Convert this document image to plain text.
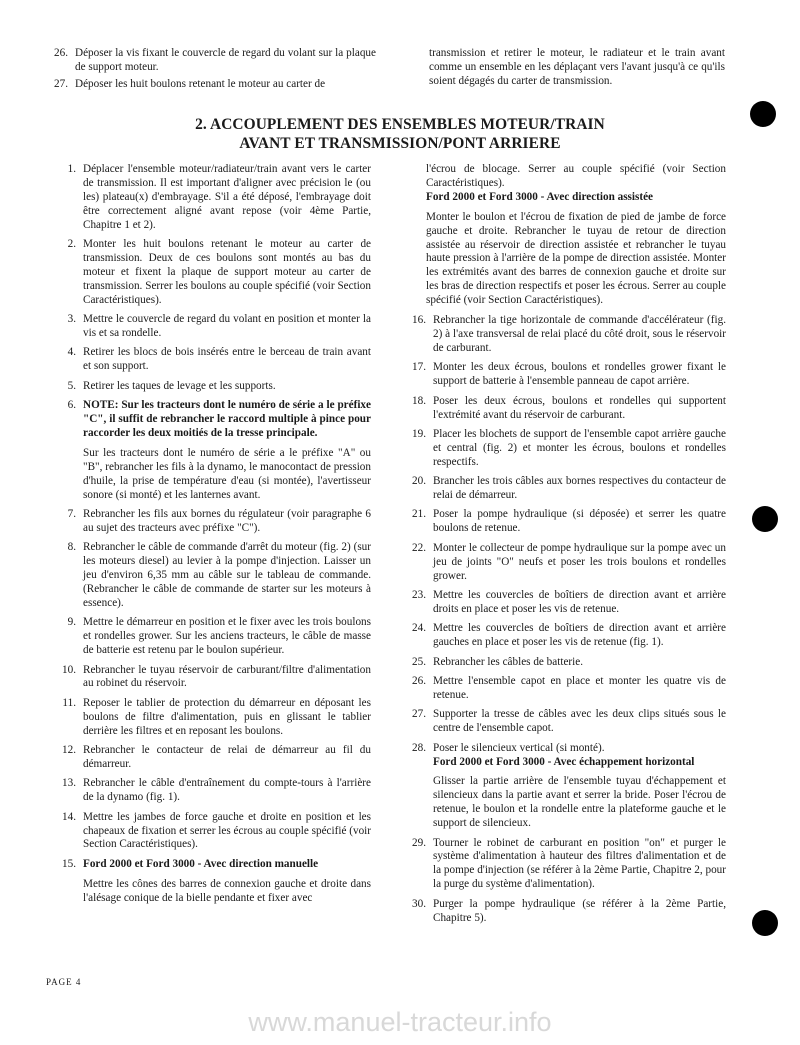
26. Déposer la vis fixant le couvercle de regard du volant sur la plaque de support moteur.
27. Déposer les huit boulons retenant le moteur au carter de

transmission et retirer le moteur, le radiateur et le train avant comme un ensemble en les déplaçant vers l'avant jusqu'à ce qu'ils soient dégagés du carter de transmission.

2. ACCOUPLEMENT DES ENSEMBLES MOTEUR/TRAIN
AVANT ET TRANSMISSION/PONT ARRIERE
1. Déplacer l'ensemble moteur/radiateur/train avant vers le carter de transmission. Il est important d'aligner avec précision le (ou les) plateau(x) d'embrayage. S'il a été déposé, l'embrayage doit être correctement aligné avant repose (voir 4ème Partie, Chapitre 1 et 2).

2. Monter les huit boulons retenant le moteur au carter de transmission. Deux de ces boulons sont montés au bas du moteur et fixent la plaque de support moteur au carter de transmission. Serrer les boulons au couple spécifié (voir Section Caractéristiques).

3. Mettre le couvercle de regard du volant en position et monter la vis et sa rondelle.

4. Retirer les blocs de bois insérés entre le berceau de train avant et son support.

5. Retirer les taques de levage et les supports.

6. NOTE: Sur les tracteurs dont le numéro de série a le préfixe "C", il suffit de rebrancher le raccord multiple à pince pour raccorder les deux moitiés de la tresse principale.

Sur les tracteurs dont le numéro de série a le préfixe "A" ou "B", rebrancher les fils à la dynamo, le manocontact de pression d'huile, la prise de température d'eau (si montée), l'avertisseur sonore (si monté) et les lanternes avant.

7. Rebrancher les fils aux bornes du régulateur (voir paragraphe 6 au sujet des tracteurs avec préfixe "C").

8. Rebrancher le câble de commande d'arrêt du moteur (fig. 2) (sur les moteurs diesel) au levier à la pompe d'injection. Laisser un jeu d'environ 6,35 mm au câble sur le tableau de commande. (Rebrancher le câble de commande de starter sur les moteurs à essence).

9. Mettre le démarreur en position et le fixer avec les trois boulons et rondelles grower. Sur les anciens tracteurs, le câble de masse de batterie est retenu par le boulon supérieur.

10. Rebrancher le tuyau réservoir de carburant/filtre d'alimentation au robinet du réservoir.

11. Reposer le tablier de protection du démarreur en déposant les boulons de filtre d'alimentation, puis en glissant le tablier derrière les filtres et en reposant les boulons.

12. Rebrancher le contacteur de relai de démarreur au fil du démarreur.

13. Rebrancher le câble d'entraînement du compte-tours à l'arrière de la dynamo (fig. 1).

14. Mettre les jambes de force gauche et droite en position et les chapeaux de fixation et serrer les écrous au couple spécifié (voir Section Caractéristiques).

15. Ford 2000 et Ford 3000 - Avec direction manuelle

Mettre les cônes des barres de connexion gauche et droite dans l'alésage conique de la bielle pendante et fixer avec

l'écrou de blocage. Serrer au couple spécifié (voir Section Caractéristiques).

Ford 2000 et Ford 3000 - Avec direction assistée

Monter le boulon et l'écrou de fixation de pied de jambe de force gauche et droite. Rebrancher le tuyau de retour de direction assistée au réservoir de direction assistée et rebrancher le tuyau haute pression à l'arrière de la pompe de direction assistée. Monter les extrémités avant des barres de connexion gauche et droite sur les bras de direction respectifs et poser les écrous. Serrer au couple spécifié (voir Section Caractéristiques).

16. Rebrancher la tige horizontale de commande d'accélérateur (fig. 2) à l'axe transversal de relai placé du côté droit, sous le réservoir de carburant.

17. Monter les deux écrous, boulons et rondelles grower fixant le support de batterie à l'ensemble panneau de capot arrière.

18. Poser les deux écrous, boulons et rondelles qui supportent l'extrémité avant du réservoir de carburant.

19. Placer les blochets de support de l'ensemble capot arrière gauche et central (fig. 2) et monter les écrous, boulons et rondelles respectifs.

20. Brancher les trois câbles aux bornes respectives du contacteur de relai de démarreur.

21. Poser la pompe hydraulique (si déposée) et serrer les quatre boulons de retenue.

22. Monter le collecteur de pompe hydraulique sur la pompe avec un jeu de joints "O" neufs et poser les trois boulons et rondelles grower.

23. Mettre les couvercles de boîtiers de direction avant et arrière droits en place et poser les vis de retenue.

24. Mettre les couvercles de boîtiers de direction avant et arrière gauches en place et poser les vis de retenue (fig. 1).

25. Rebrancher les câbles de batterie.

26. Mettre l'ensemble capot en place et monter les quatre vis de retenue.

27. Supporter la tresse de câbles avec les deux clips situés sous le centre de l'ensemble capot.

28. Poser le silencieux vertical (si monté).

Ford 2000 et Ford 3000 - Avec échappement horizontal

Glisser la partie arrière de l'ensemble tuyau d'échappement et silencieux dans la partie avant et serrer la bride. Poser l'écrou de retenue, le boulon et la rondelle entre la plateforme gauche et le support de silencieux.

29. Tourner le robinet de carburant en position "on" et purger le système d'alimentation à hauteur des filtres d'alimentation et de la pompe d'injection (se référer à la 2ème Partie, Chapitre 2, pour la purge du système d'alimentation).

30. Purger la pompe hydraulique (se référer à la 2ème Partie, Chapitre 5).

PAGE 4
www.manuel-tracteur.info
